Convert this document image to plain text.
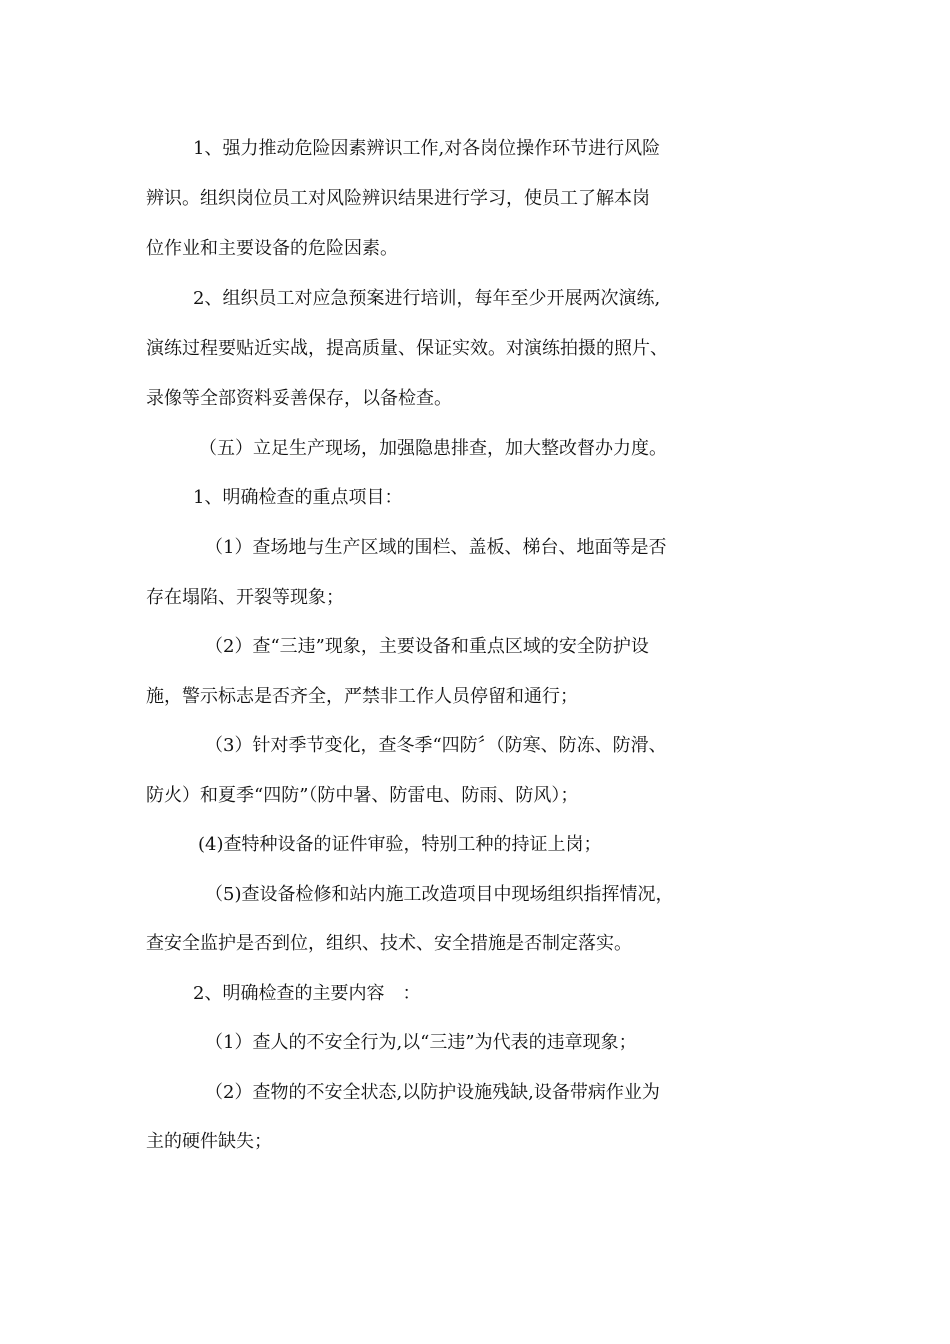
1、强力推动危险因素辨识工作,对各岗位操作环节进行风险
辨识。组织岗位员工对风险辨识结果进行学习，使员工了解本岗
位作业和主要设备的危险因素。
2、组织员工对应急预案进行培训，每年至少开展两次演练,
演练过程要贴近实战，提高质量、保证实效。对演练拍摄的照片、
录像等全部资料妥善保存，以备检查。
（五）立足生产现场，加强隐患排查，加大整改督办力度。
1、明确检查的重点项目：
（1）查场地与生产区域的围栏、盖板、梯台、地面等是否
存在塌陷、开裂等现象；
（2）查“三违”现象，主要设备和重点区域的安全防护设
施，警示标志是否齐全，严禁非工作人员停留和通行；
（3）针对季节变化，查冬季“四防〞（防寒、防冻、防滑、
防火）和夏季“四防”（防中暑、防雷电、防雨、防风）；
(4)查特种设备的证件审验，特别工种的持证上岗；
（5)查设备检修和站内施工改造项目中现场组织指挥情况，
查安全监护是否到位，组织、技术、安全措施是否制定落实。
2、明确检查的主要内容　：
（1）查人的不安全行为,以“三违”为代表的违章现象；
（2）查物的不安全状态,以防护设施残缺,设备带病作业为
主的硬件缺失；
